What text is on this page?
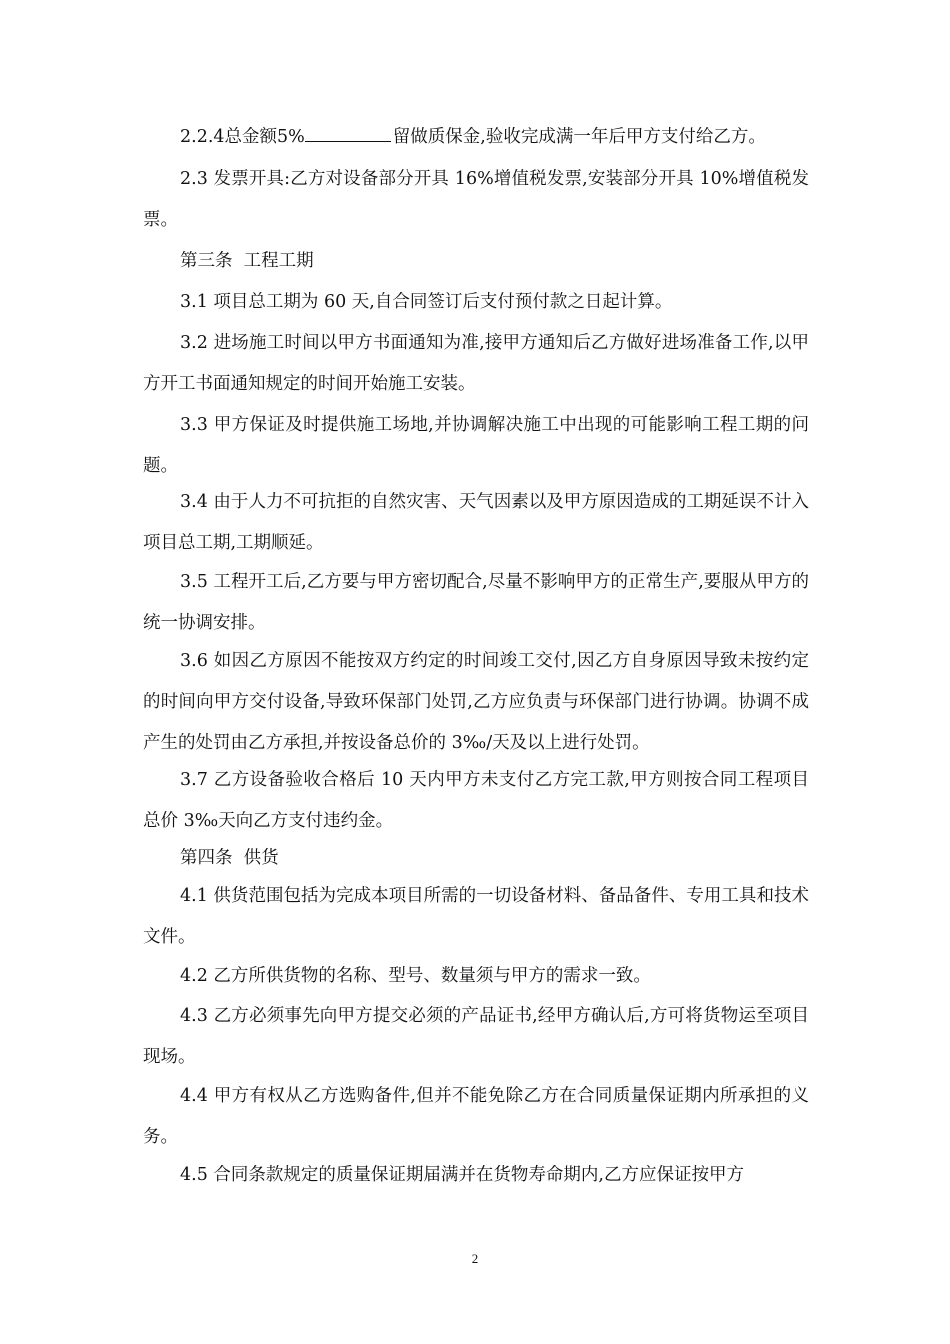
2.2.4总金额5%	留做质保金,验收完成满一年后甲方支付给乙方。
2.3 发票开具:乙方对设备部分开具 16%增值税发票,安装部分开具 10%增值税发票。
第三条  工程工期
3.1 项目总工期为 60 天,自合同签订后支付预付款之日起计算。
3.2 进场施工时间以甲方书面通知为准,接甲方通知后乙方做好进场准备工作,以甲方开工书面通知规定的时间开始施工安装。
3.3 甲方保证及时提供施工场地,并协调解决施工中出现的可能影响工程工期的问题。
3.4 由于人力不可抗拒的自然灾害、天气因素以及甲方原因造成的工期延误不计入项目总工期,工期顺延。
3.5 工程开工后,乙方要与甲方密切配合,尽量不影响甲方的正常生产,要服从甲方的统一协调安排。
3.6 如因乙方原因不能按双方约定的时间竣工交付,因乙方自身原因导致未按约定的时间向甲方交付设备,导致环保部门处罚,乙方应负责与环保部门进行协调。协调不成产生的处罚由乙方承担,并按设备总价的 3‰/天及以上进行处罚。
3.7 乙方设备验收合格后 10 天内甲方未支付乙方完工款,甲方则按合同工程项目总价 3‰天向乙方支付违约金。
第四条  供货
4.1 供货范围包括为完成本项目所需的一切设备材料、备品备件、专用工具和技术文件。
4.2 乙方所供货物的名称、型号、数量须与甲方的需求一致。
4.3 乙方必须事先向甲方提交必须的产品证书,经甲方确认后,方可将货物运至项目现场。
4.4 甲方有权从乙方选购备件,但并不能免除乙方在合同质量保证期内所承担的义务。
4.5 合同条款规定的质量保证期届满并在货物寿命期内,乙方应保证按甲方
2
